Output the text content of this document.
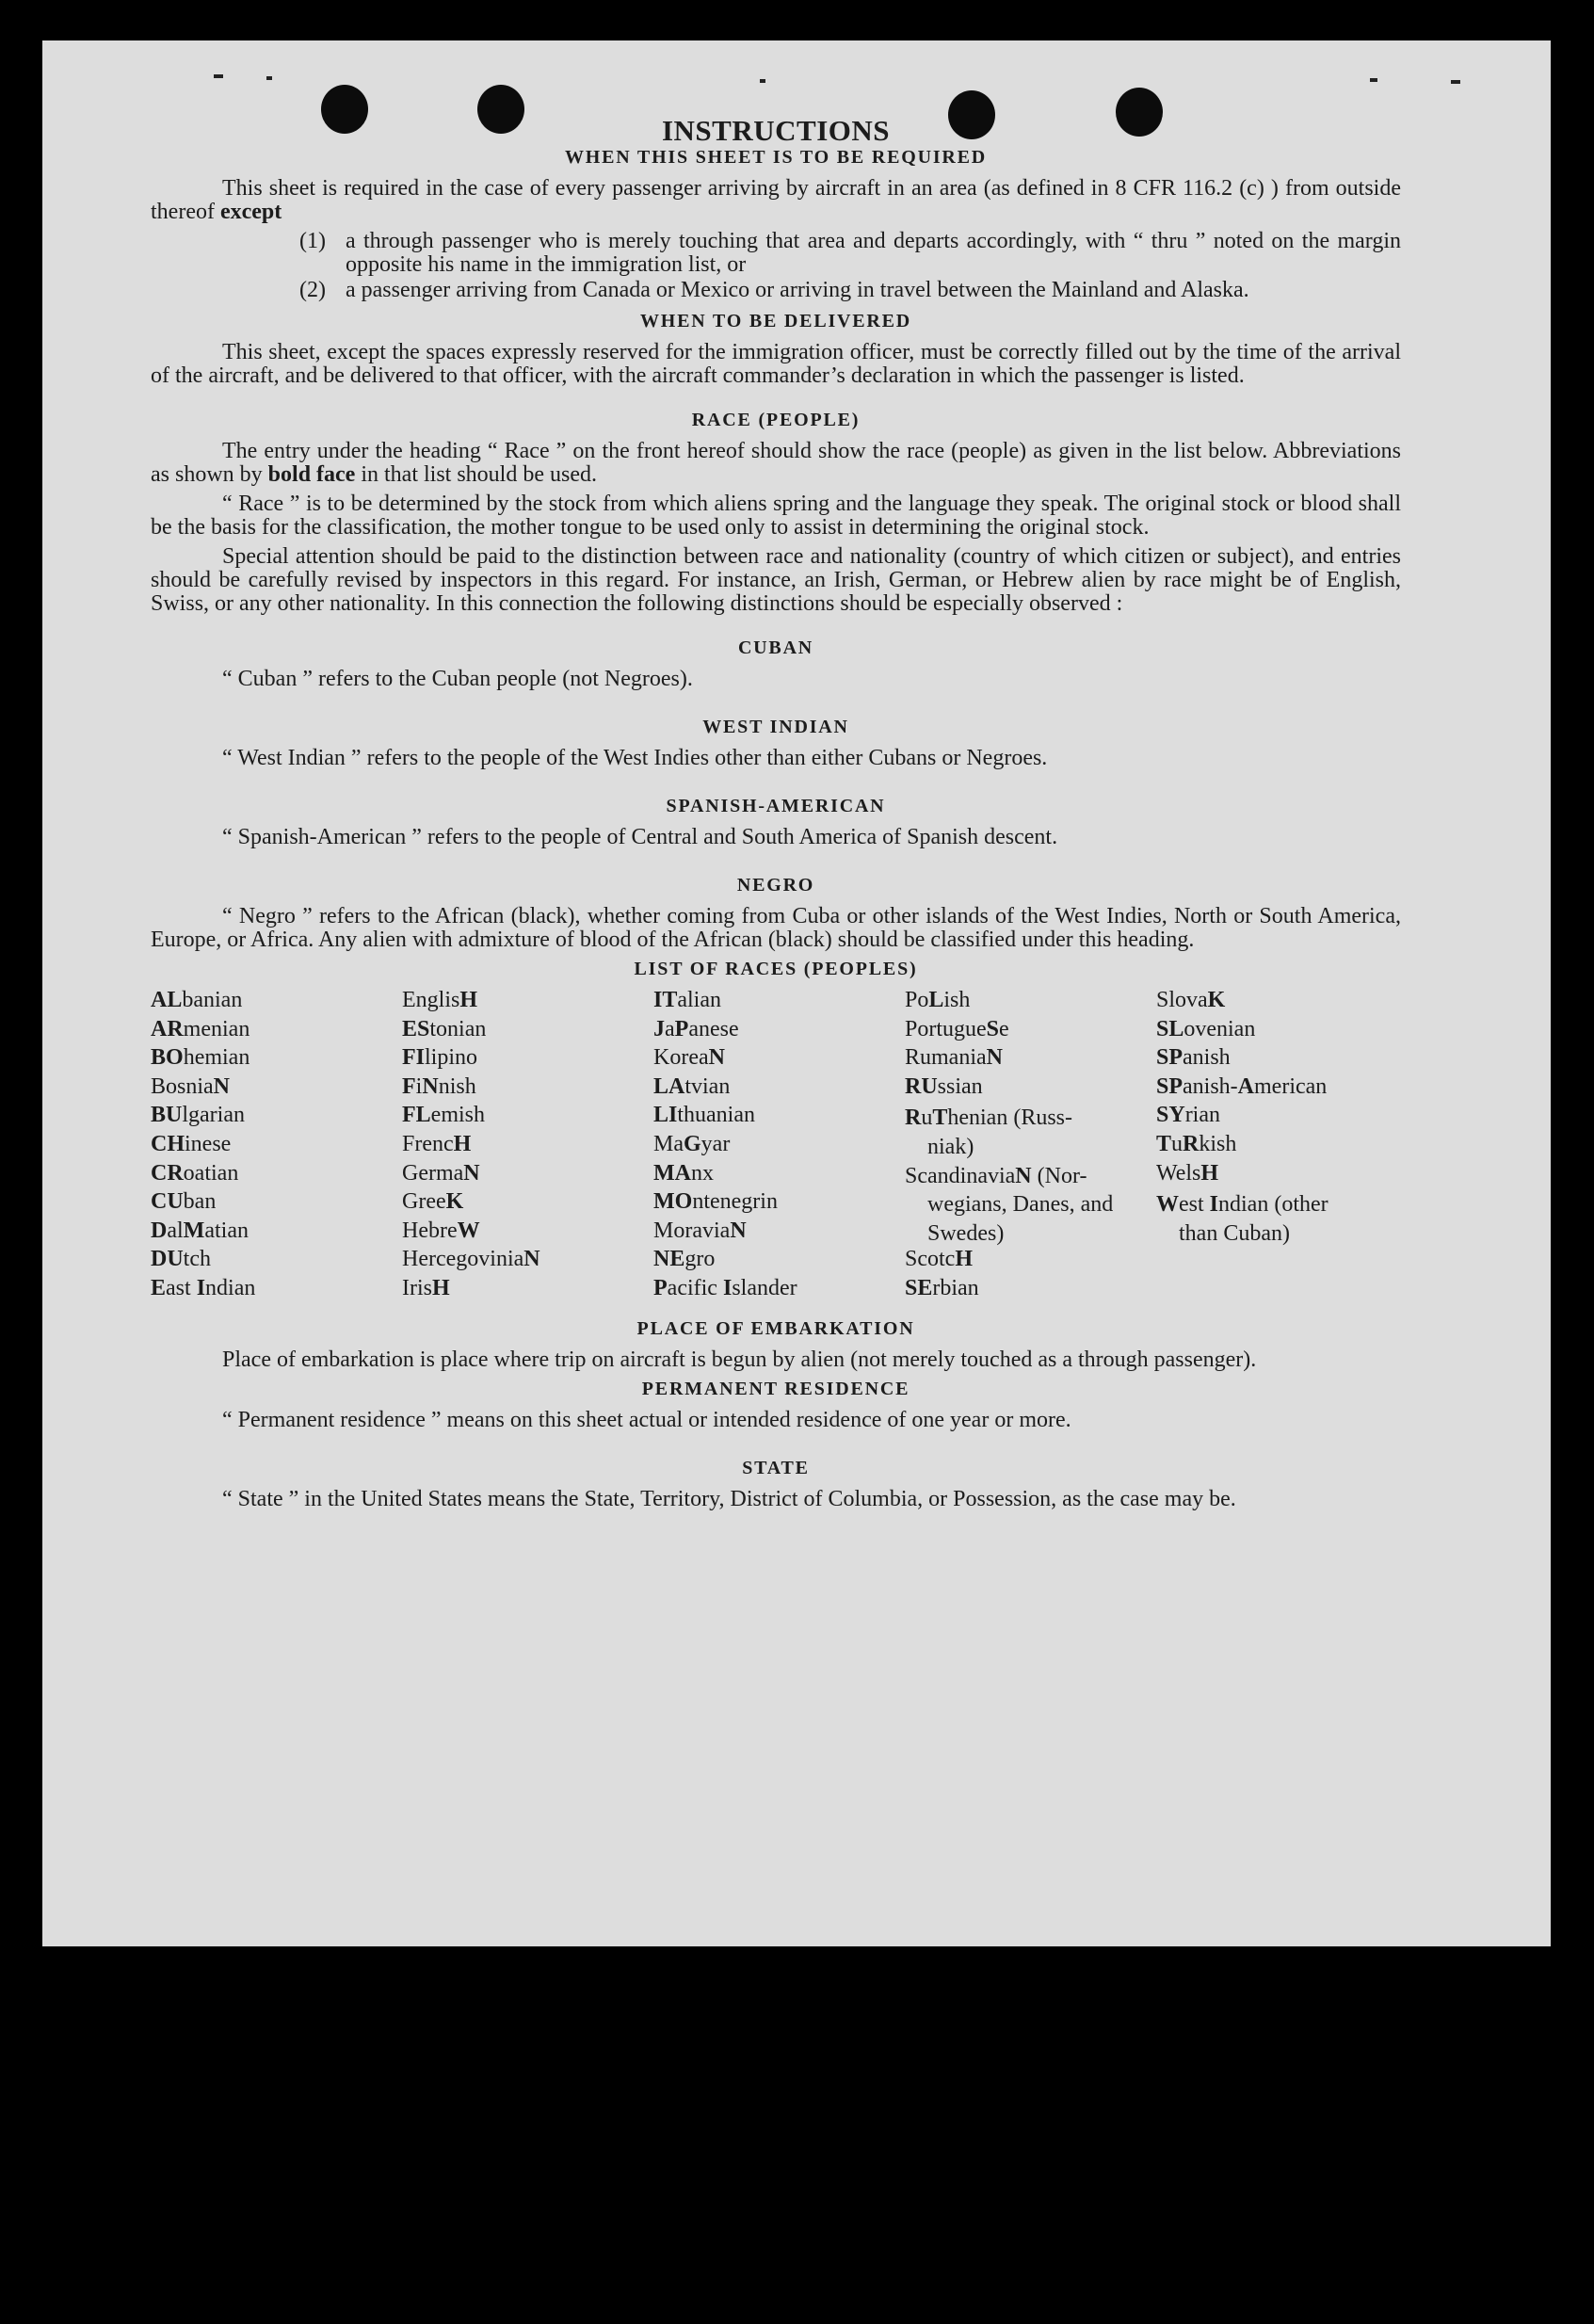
INSTRUCTIONS
WHEN THIS SHEET IS TO BE REQUIRED

This sheet is required in the case of every passenger arriving by aircraft in an area (as defined in 8 CFR 116.2 (c) ) from outside thereof except

(1) a through passenger who is merely touching that area and departs accordingly, with “ thru ” noted on the margin opposite his name in the immigration list, or
(2) a passenger arriving from Canada or Mexico or arriving in travel between the Mainland and Alaska.
WHEN TO BE DELIVERED

This sheet, except the spaces expressly reserved for the immigration officer, must be correctly filled out by the time of the arrival of the aircraft, and be delivered to that officer, with the aircraft commander’s declaration in which the passenger is listed.

RACE (PEOPLE)

The entry under the heading “ Race ” on the front hereof should show the race (people) as given in the list below. Abbreviations as shown by bold face in that list should be used.

“ Race ” is to be determined by the stock from which aliens spring and the language they speak. The original stock or blood shall be the basis for the classification, the mother tongue to be used only to assist in determining the original stock.

Special attention should be paid to the distinction between race and nationality (country of which citizen or subject), and entries should be carefully revised by inspectors in this regard. For instance, an Irish, German, or Hebrew alien by race might be of English, Swiss, or any other nationality. In this connection the following distinctions should be especially observed :

CUBAN

“ Cuban ” refers to the Cuban people (not Negroes).

WEST INDIAN

“ West Indian ” refers to the people of the West Indies other than either Cubans or Negroes.

SPANISH-AMERICAN

“ Spanish-American ” refers to the people of Central and South America of Spanish descent.

NEGRO

“ Negro ” refers to the African (black), whether coming from Cuba or other islands of the West Indies, North or South America, Europe, or Africa. Any alien with admixture of blood of the African (black) should be classified under this heading.

LIST OF RACES (PEOPLES)
ALbanian
ARmenian
BOhemian
BosniaN
BUlgarian
CHinese
CRoatian
CUban
DalMatian
DUtch
East Indian
EnglisH
EStonian
FIlipino
FiNnish
FLemish
FrencH
GermaN
GreeK
HebreW
HercegoviniaN
IrisH
ITalian
JaPanese
KoreaN
LAtvian
LIthuanian
MaGyar
MAnx
MOntenegrin
MoraviaN
NEgro
Pacific Islander
PoLish
PortugueSe
RumaniaN
RUssian
RuThenian (Russ-
niak)
ScandinaviaN (Nor-
wegians, Danes, and Swedes)
ScotcH
SErbian
SlovaK
SLovenian
SPanish
SPanish-American
SYrian
TuRkish
WelsH
West Indian (other
than Cuban)
PLACE OF EMBARKATION

Place of embarkation is place where trip on aircraft is begun by alien (not merely touched as a through passenger).

PERMANENT RESIDENCE

“ Permanent residence ” means on this sheet actual or intended residence of one year or more.

STATE

“ State ” in the United States means the State, Territory, District of Columbia, or Possession, as the case may be.
